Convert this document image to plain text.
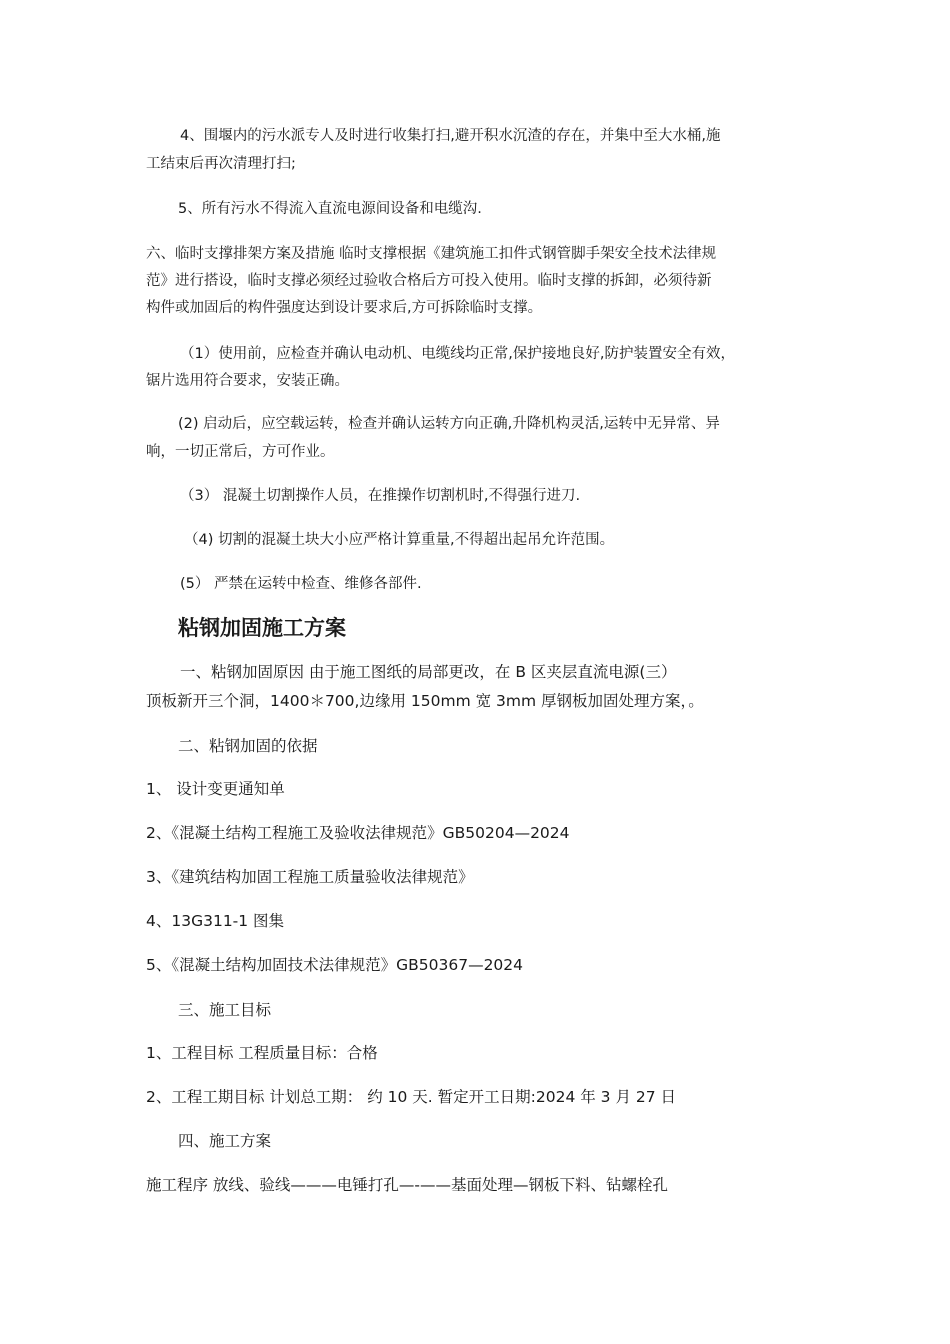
4、围堰内的污水派专人及时进行收集打扫,避开积水沉渣的存在，并集中至大水桶,施

工结束后再次清理打扫;

5、所有污水不得流入直流电源间设备和电缆沟.

六、临时支撑排架方案及措施 临时支撑根据《建筑施工扣件式钢管脚手架安全技术法律规

范》进行搭设，临时支撑必须经过验收合格后方可投入使用。临时支撑的拆卸，必须待新

构件或加固后的构件强度达到设计要求后,方可拆除临时支撑。

（1）使用前，应检查并确认电动机、电缆线均正常,保护接地良好,防护装置安全有效，

锯片选用符合要求，安装正确。

(2) 启动后，应空载运转，检查并确认运转方向正确,升降机构灵活,运转中无异常、异

响，一切正常后，方可作业。

（3） 混凝土切割操作人员，在推操作切割机时,不得强行进刀.

（4) 切割的混凝土块大小应严格计算重量,不得超出起吊允许范围。

(5） 严禁在运转中检查、维修各部件.

粘钢加固施工方案

一、粘钢加固原因 由于施工图纸的局部更改，在 B 区夹层直流电源(三）

顶板新开三个洞，1400＊700,边缘用 150mm 宽 3mm 厚钢板加固处理方案，。

二、粘钢加固的依据

1、 设计变更通知单

2、《混凝土结构工程施工及验收法律规范》GB50204—2024

3、《建筑结构加固工程施工质量验收法律规范》

4、13G311-1 图集

5、《混凝土结构加固技术法律规范》GB50367—2024

三、施工目标

1、工程目标 工程质量目标：合格

2、工程工期目标 计划总工期： 约 10 天. 暂定开工日期:2024 年 3 月 27 日

四、施工方案

施工程序 放线、验线———电锤打孔—-——基面处理—钢板下料、钻螺栓孔
